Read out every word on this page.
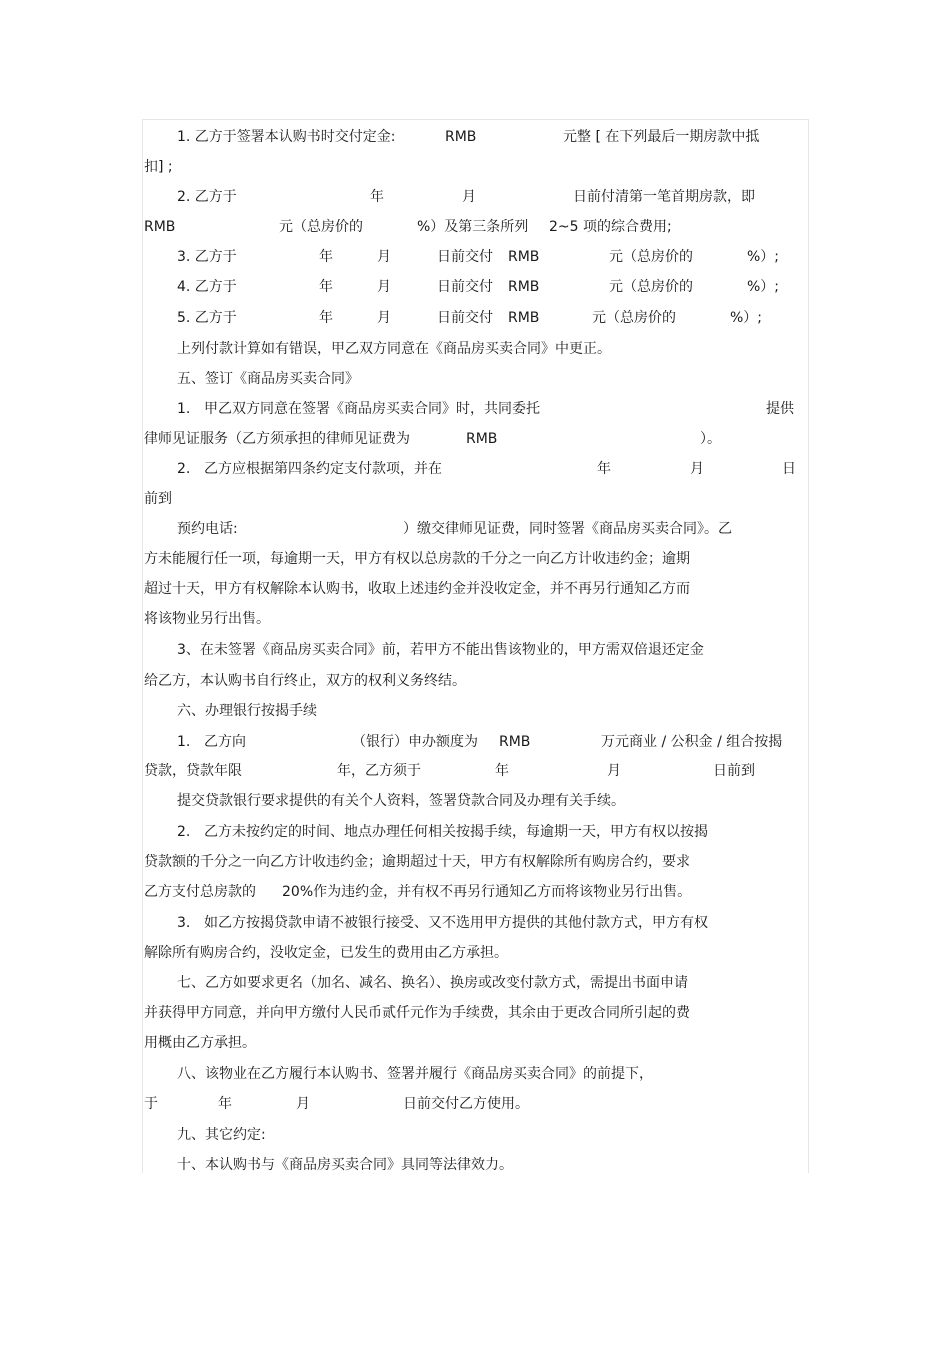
1. 乙方于签署本认购书时交付定金:	RMB	元整 [ 在下列最后一期房款中抵
扣] ;
2. 乙方于	年	月	日前付清第一笔首期房款，即
RMB	元（总房价的	%）及第三条所列 2~5 项的综合费用;
3. 乙方于	年	月	日前交付 RMB	元（总房价的	%）;
4. 乙方于	年	月	日前交付 RMB	元（总房价的	%）;
5. 乙方于	年	月	日前交付 RMB	元（总房价的	%）;
上列付款计算如有错误，甲乙双方同意在《商品房买卖合同》中更正。
五、签订《商品房买卖合同》
1. 甲乙双方同意在签署《商品房买卖合同》时，共同委托	提供
律师见证服务（乙方须承担的律师见证费为	RMB	）。
2. 乙方应根据第四条约定支付款项，并在	年	月	日
前到
预约电话:	）缴交律师见证费，同时签署《商品房买卖合同》。乙
方未能履行任一项，每逾期一天，甲方有权以总房款的千分之一向乙方计收违约金；逾期
超过十天，甲方有权解除本认购书，收取上述违约金并没收定金，并不再另行通知乙方而
将该物业另行出售。
3、在未签署《商品房买卖合同》前，若甲方不能出售该物业的，甲方需双倍退还定金
给乙方，本认购书自行终止，双方的权利义务终结。
六、办理银行按揭手续
1. 乙方向	（银行）申办额度为 RMB	万元商业 / 公积金 / 组合按揭
贷款，贷款年限	年，乙方须于	年	月	日前到
提交贷款银行要求提供的有关个人资料，签署贷款合同及办理有关手续。
2. 乙方未按约定的时间、地点办理任何相关按揭手续，每逾期一天，甲方有权以按揭
贷款额的千分之一向乙方计收违约金；逾期超过十天，甲方有权解除所有购房合约，要求
乙方支付总房款的 20%作为违约金，并有权不再另行通知乙方而将该物业另行出售。
3. 如乙方按揭贷款申请不被银行接受、又不选用甲方提供的其他付款方式，甲方有权
解除所有购房合约，没收定金，已发生的费用由乙方承担。
七、乙方如要求更名（加名、减名、换名）、换房或改变付款方式，需提出书面申请
并获得甲方同意，并向甲方缴付人民币贰仟元作为手续费，其余由于更改合同所引起的费
用概由乙方承担。
八、该物业在乙方履行本认购书、签署并履行《商品房买卖合同》的前提下，
于	年	月	日前交付乙方使用。
九、其它约定:
十、本认购书与《商品房买卖合同》具同等法律效力。
